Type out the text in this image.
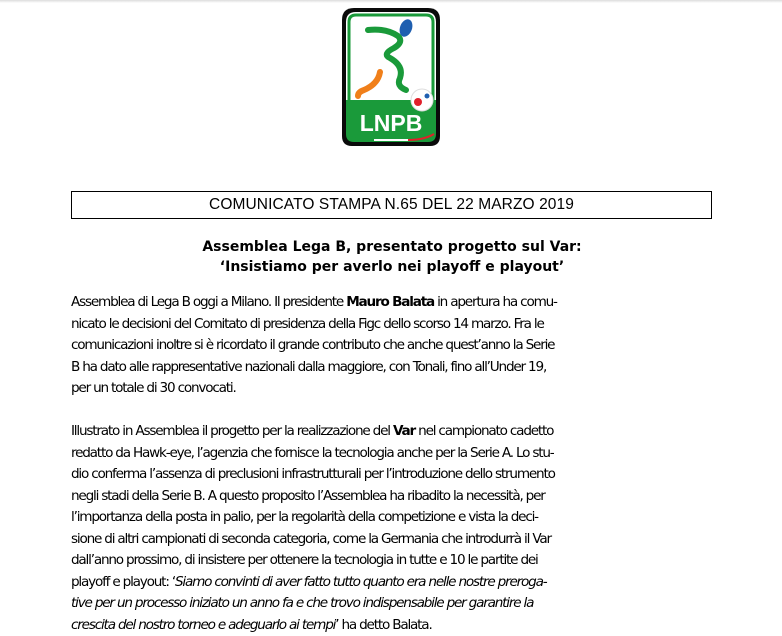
LNPB
COMUNICATO STAMPA N.65 DEL 22 MARZO 2019
Assemblea Lega B, presentato progetto sul Var:
‘Insistiamo per averlo nei playoff e playout’
Assemblea di Lega B oggi a Milano. Il presidente Mauro Balata in apertura ha comu-
nicato le decisioni del Comitato di presidenza della Figc dello scorso 14 marzo. Fra le
comunicazioni inoltre si è ricordato il grande contributo che anche quest’anno la Serie
B ha dato alle rappresentative nazionali dalla maggiore, con Tonali, fino all’Under 19,
per un totale di 30 convocati.
Illustrato in Assemblea il progetto per la realizzazione del Var nel campionato cadetto
redatto da Hawk-eye, l’agenzia che fornisce la tecnologia anche per la Serie A. Lo stu-
dio conferma l’assenza di preclusioni infrastrutturali per l’introduzione dello strumento
negli stadi della Serie B. A questo proposito l’Assemblea ha ribadito la necessità, per
l’importanza della posta in palio, per la regolarità della competizione e vista la deci-
sione di altri campionati di seconda categoria, come la Germania che introdurrà il Var
dall’anno prossimo, di insistere per ottenere la tecnologia in tutte e 10 le partite dei
playoff e playout: ‘Siamo convinti di aver fatto tutto quanto era nelle nostre preroga-
tive per un processo iniziato un anno fa e che trovo indispensabile per garantire la
crescita del nostro torneo e adeguarlo ai tempi’ ha detto Balata.
